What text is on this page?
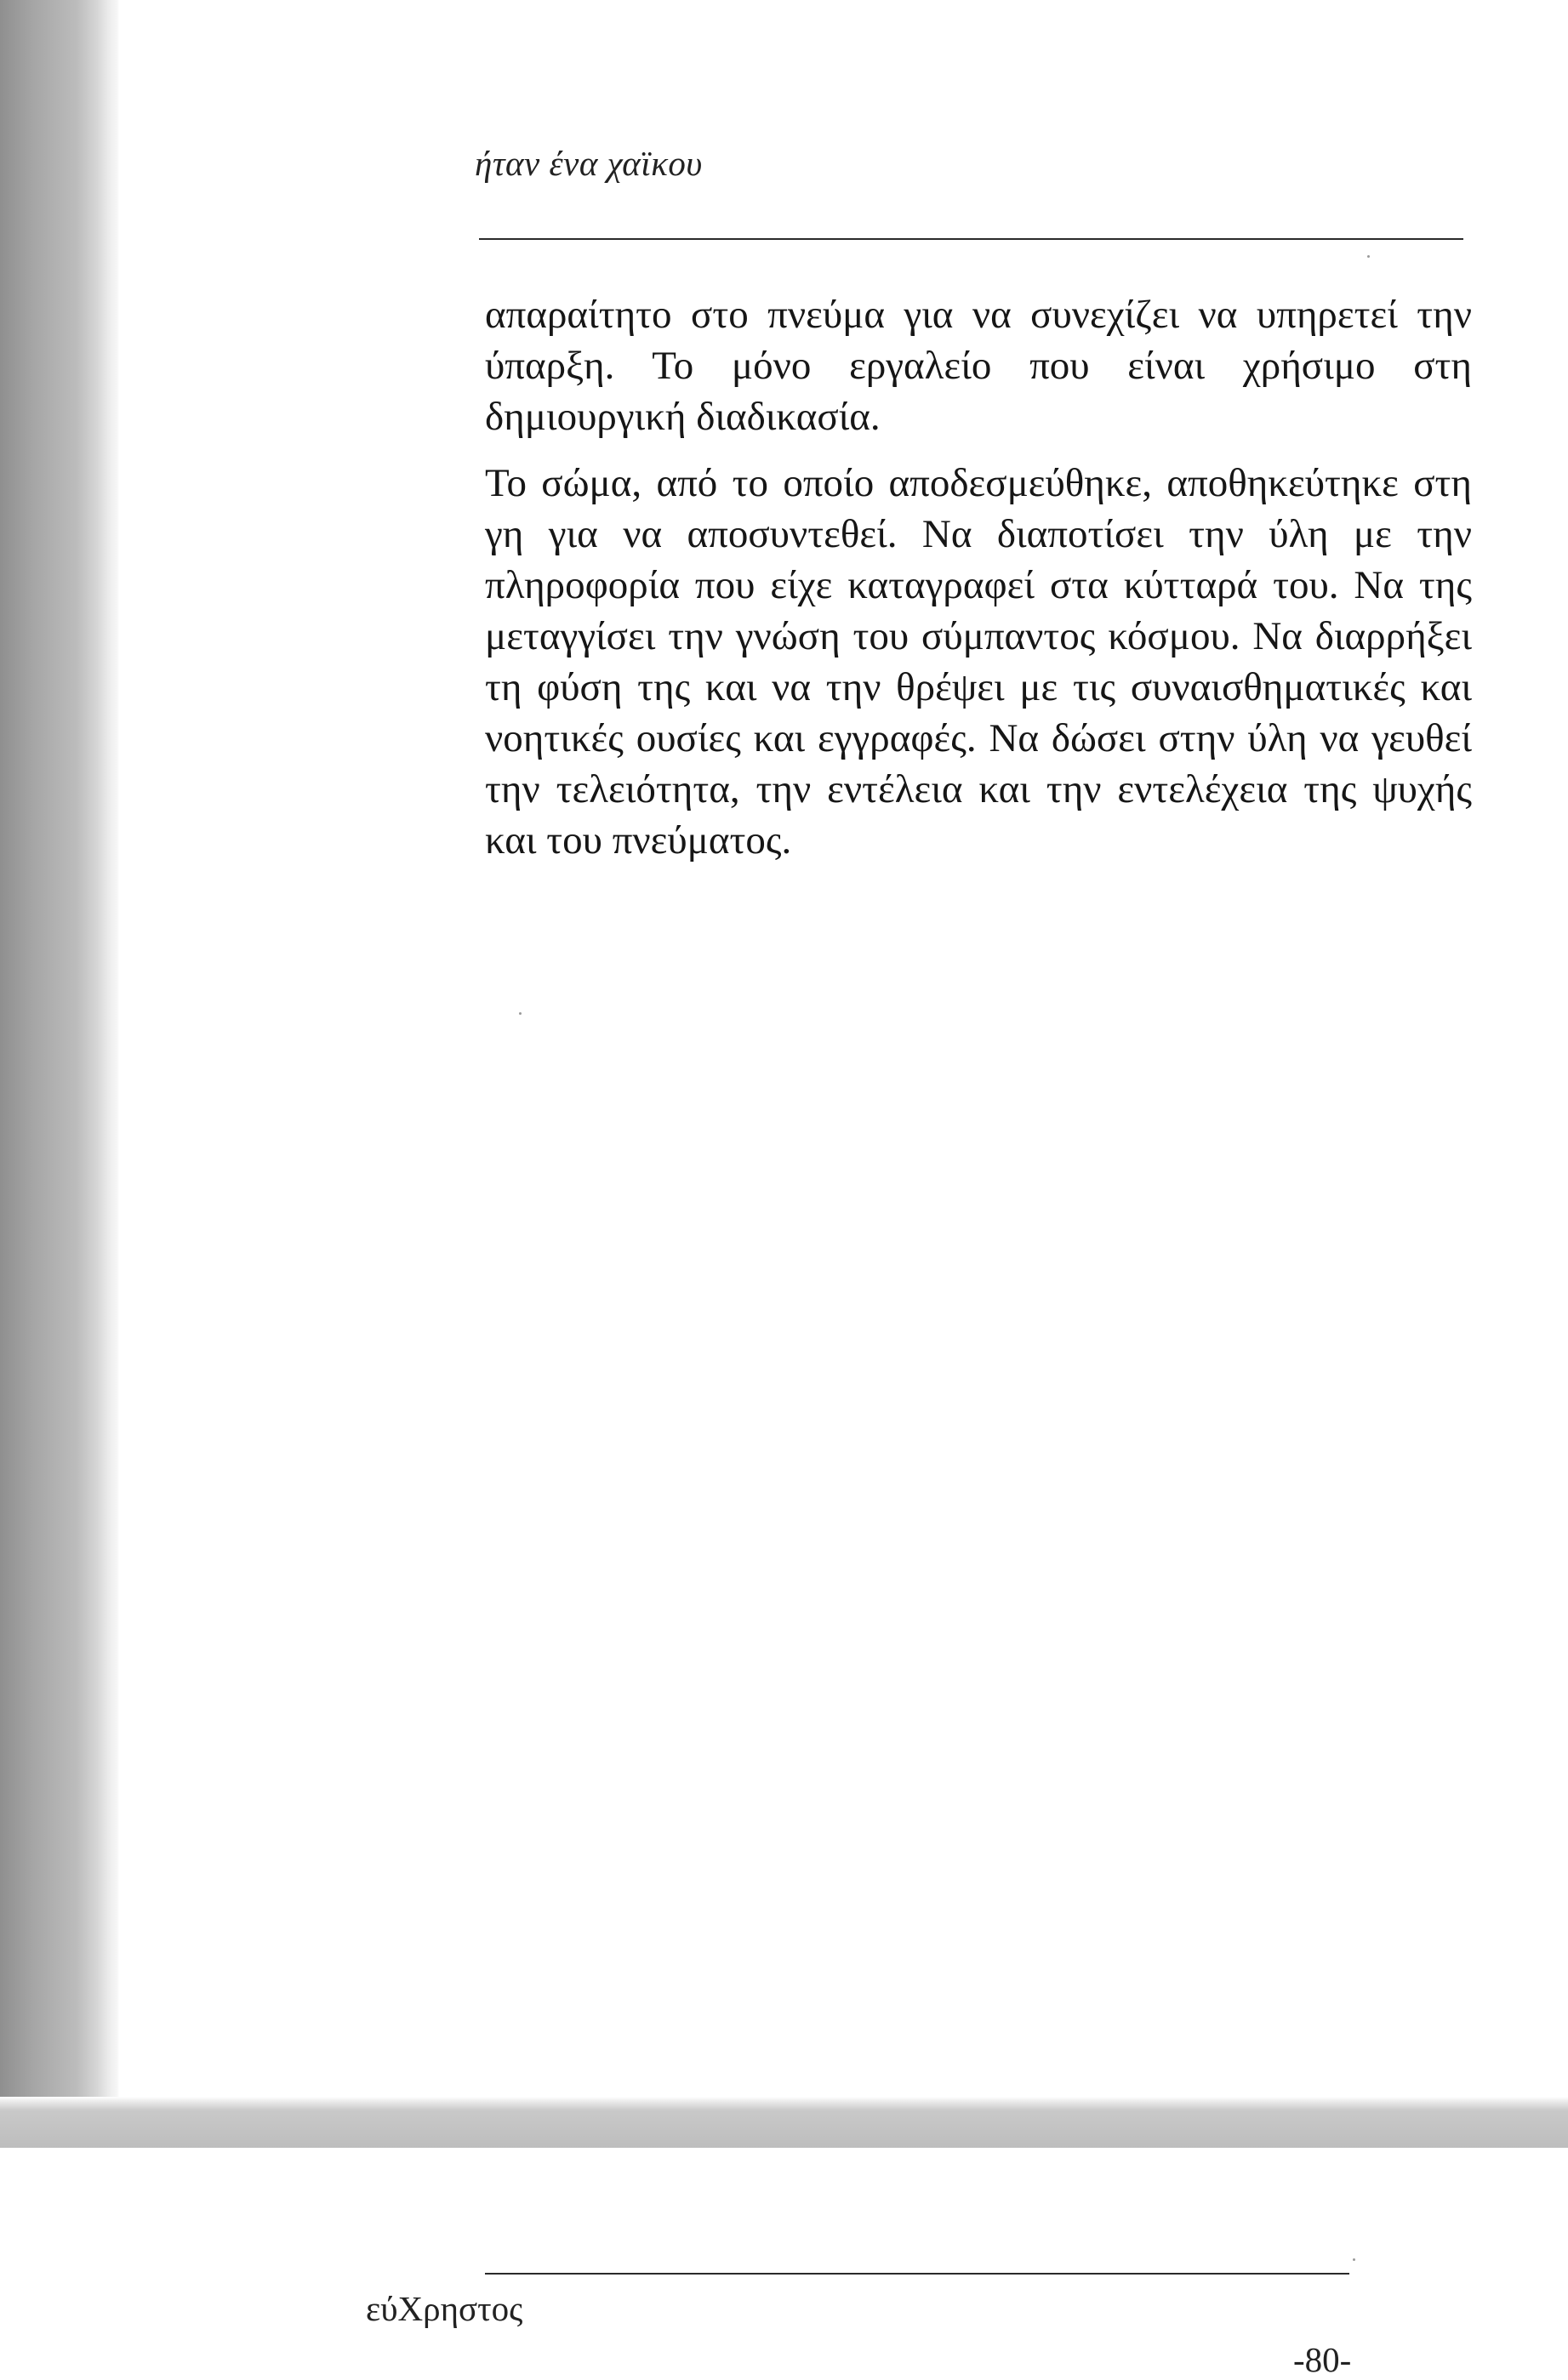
ήταν ένα χαϊκου

απαραίτητο στο πνεύμα για να συνεχίζει να υπηρετεί την ύπαρξη. Το μόνο εργαλείο που είναι χρήσιμο στη δημιουργική διαδικασία.

Το σώμα, από το οποίο αποδεσμεύθηκε, αποθηκεύτηκε στη γη για να αποσυντεθεί. Να διαποτίσει την ύλη με την πληροφορία που είχε καταγραφεί στα κύτταρά του. Να της μεταγγίσει την γνώση του σύμπαντος κόσμου. Να διαρρήξει τη φύση της και να την θρέψει με τις συναισθηματικές και νοητικές ουσίες και εγγραφές. Να δώσει στην ύλη να γευθεί την τελειότητα, την εντέλεια και την εντελέχεια της ψυχής και του πνεύματος.

εύΧρηστος
-80-
